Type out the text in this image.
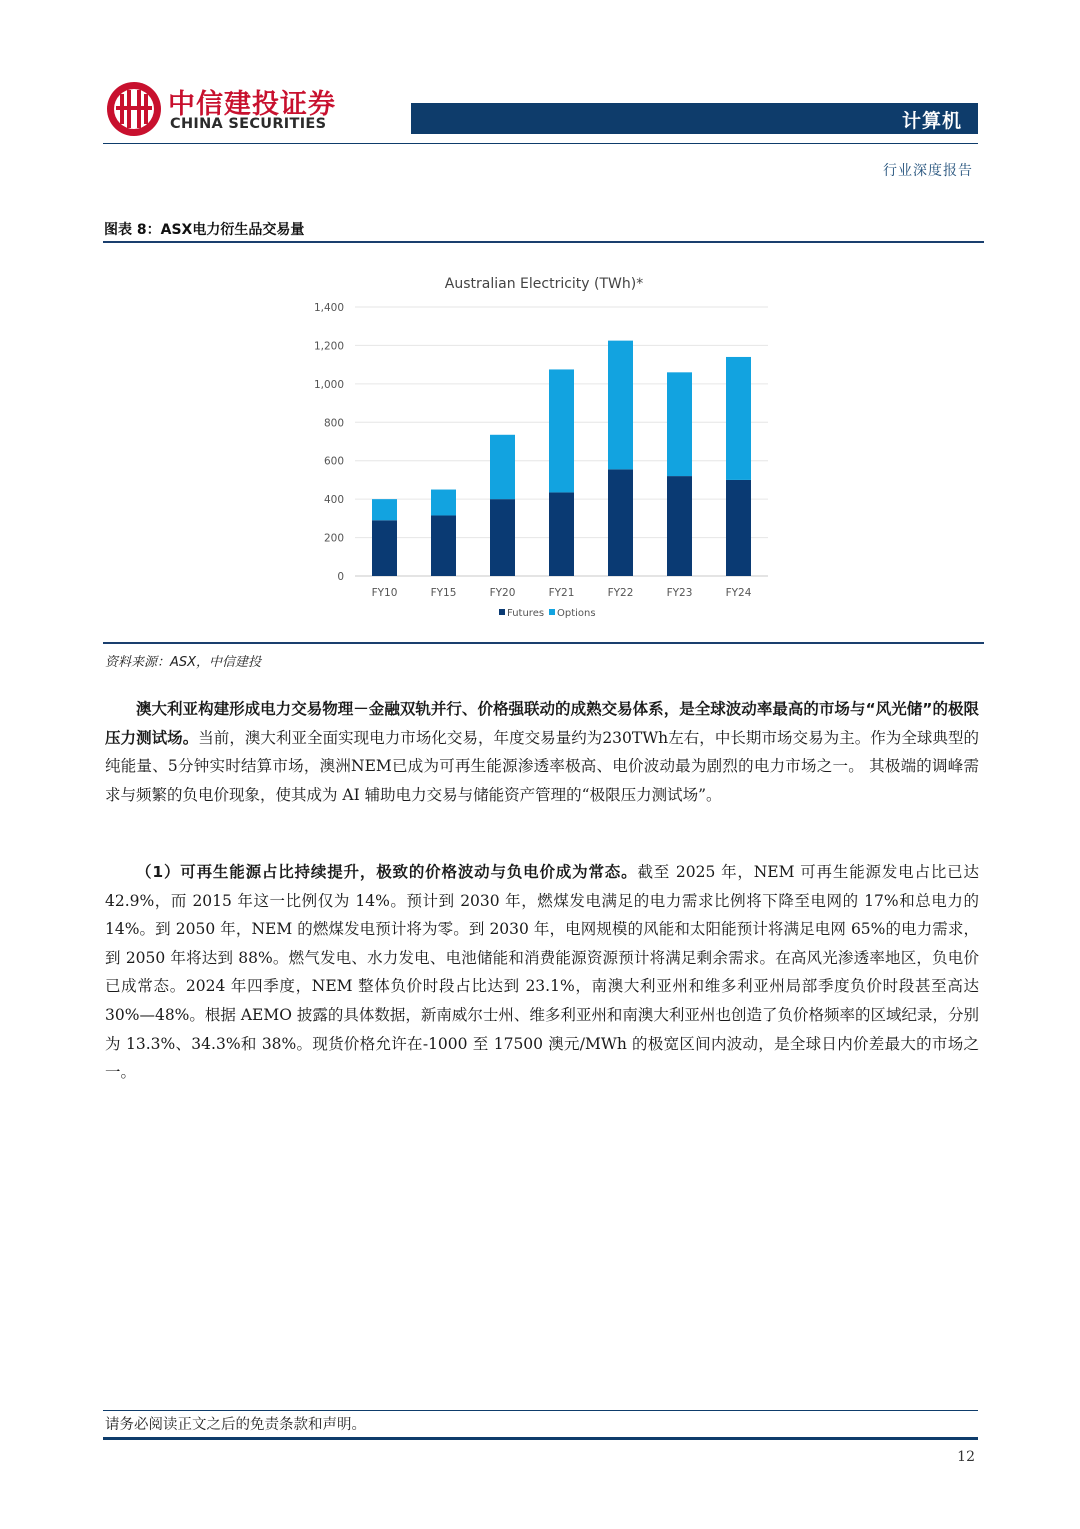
中信建投证券
CHINA SECURITIES	计算机
行业深度报告
图表 8：ASX电力衍生品交易量
Australian Electricity (TWh)*
0
200
400
600
800
1,000
1,200
1,400
FY10	FY15	FY20	FY21	FY22	FY23	FY24
Futures Options
资料来源：ASX，中信建投

澳大利亚构建形成电力交易物理－金融双轨并行、价格强联动的成熟交易体系，是全球波动率最高的市场与“风光储”的极限压力测试场。当前，澳大利亚全面实现电力市场化交易，年度交易量约为230TWh左右，中长期市场交易为主。作为全球典型的纯能量、5分钟实时结算市场，澳洲NEM已成为可再生能源渗透率极高、电价波动最为剧烈的电力市场之一。 其极端的调峰需求与频繁的负电价现象，使其成为 AI 辅助电力交易与储能资产管理的“极限压力测试场”。

（1）可再生能源占比持续提升，极致的价格波动与负电价成为常态。截至 2025 年，NEM 可再生能源发电占比已达 42.9%，而 2015 年这一比例仅为 14%。预计到 2030 年，燃煤发电满足的电力需求比例将下降至电网的 17%和总电力的 14%。到 2050 年，NEM 的燃煤发电预计将为零。到 2030 年，电网规模的风能和太阳能预计将满足电网 65%的电力需求，到 2050 年将达到 88%。燃气发电、水力发电、电池储能和消费能源资源预计将满足剩余需求。在高风光渗透率地区，负电价已成常态。2024 年四季度，NEM 整体负价时段占比达到 23.1%，南澳大利亚州和维多利亚州局部季度负价时段甚至高达 30%—48%。根据 AEMO 披露的具体数据，新南威尔士州、维多利亚州和南澳大利亚州也创造了负价格频率的区域纪录，分别为 13.3%、34.3%和 38%。现货价格允许在-1000 至 17500 澳元/MWh 的极宽区间内波动，是全球日内价差最大的市场之一。

请务必阅读正文之后的免责条款和声明。
12
